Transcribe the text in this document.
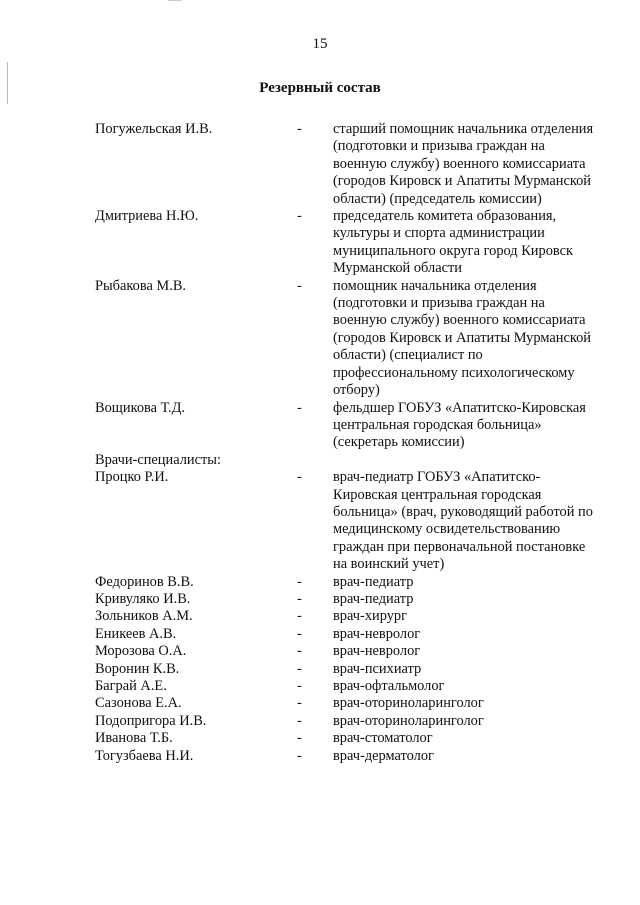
15
Резервный состав
Погужельская И.В.	-	старший помощник начальника отделения
(подготовки и призыва граждан на
военную службу) военного комиссариата
(городов Кировск и Апатиты Мурманской
области) (председатель комиссии)
Дмитриева Н.Ю.	-	председатель комитета образования,
культуры и спорта администрации
муниципального округа город Кировск
Мурманской области
Рыбакова М.В.	-	помощник начальника отделения
(подготовки и призыва граждан на
военную службу) военного комиссариата
(городов Кировск и Апатиты Мурманской
области) (специалист по
профессиональному психологическому
отбору)
Вощикова Т.Д.	-	фельдшер ГОБУЗ «Апатитско-Кировская
центральная городская больница»
(секретарь комиссии)
Врачи-специалисты:
Процко Р.И.	-	врач-педиатр ГОБУЗ «Апатитско-
Кировская центральная городская
больница» (врач, руководящий работой по
медицинскому освидетельствованию
граждан при первоначальной постановке
на воинский учет)
Федоринов В.В.	-	врач-педиатр
Кривуляко И.В.	-	врач-педиатр
Зольников А.М.	-	врач-хирург
Еникеев А.В.	-	врач-невролог
Морозова О.А.	-	врач-невролог
Воронин К.В.	-	врач-психиатр
Баграй А.Е.	-	врач-офтальмолог
Сазонова Е.А.	-	врач-оториноларинголог
Подопригора И.В.	-	врач-оториноларинголог
Иванова Т.Б.	-	врач-стоматолог
Тогузбаева Н.И.	-	врач-дерматолог
